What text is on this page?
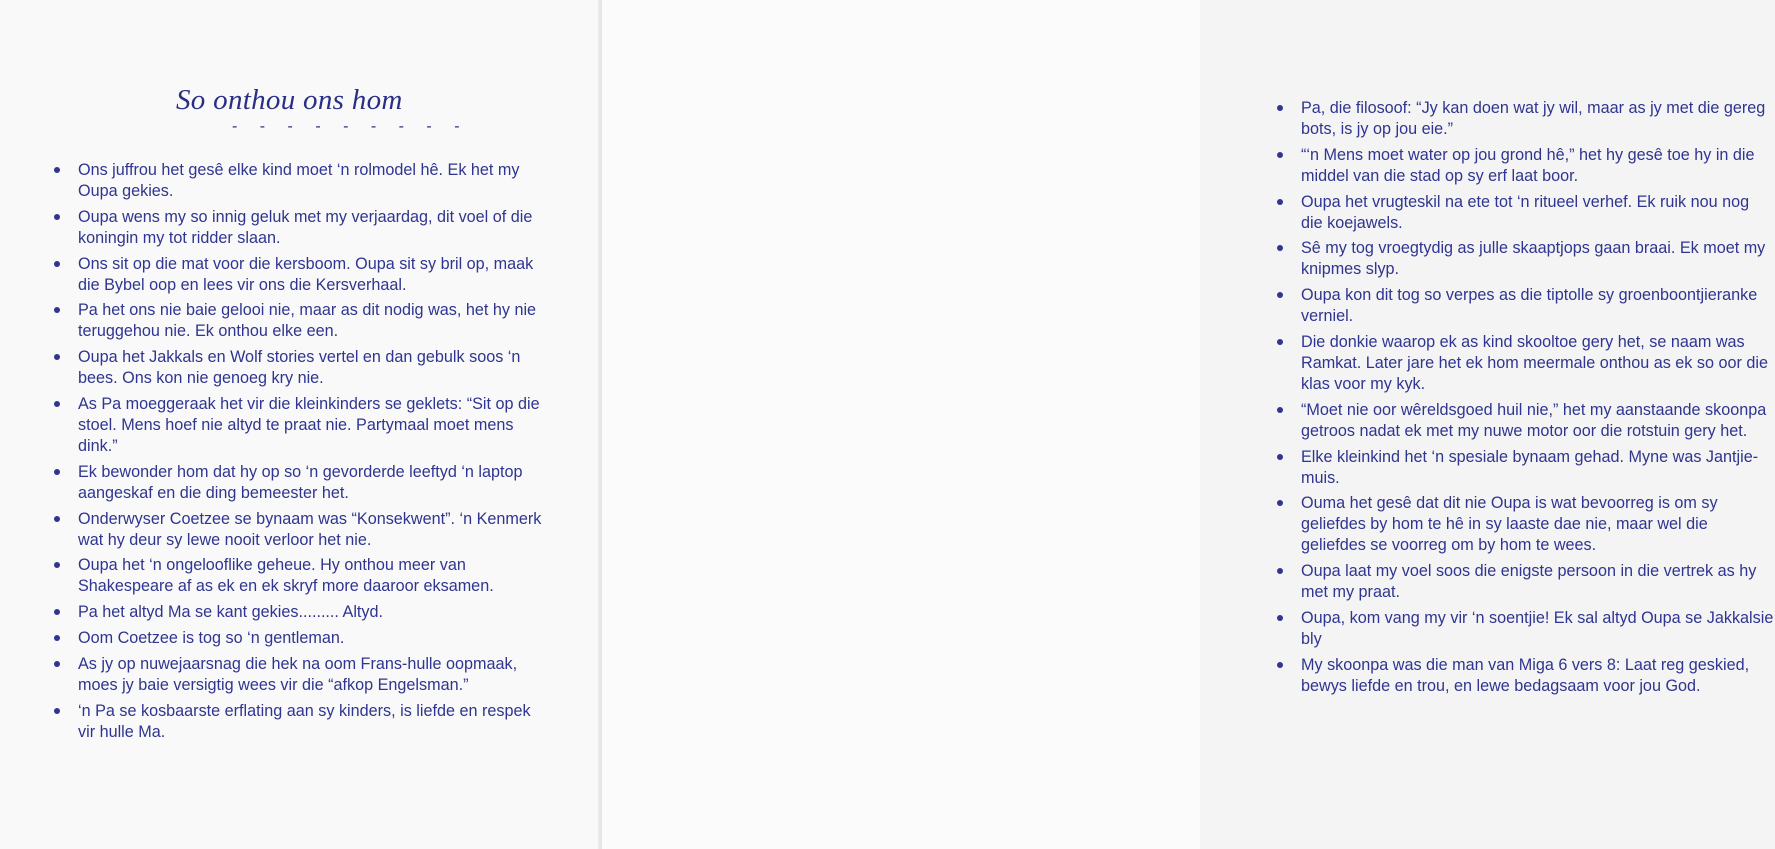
So onthou ons hom
- - - - - - - - -
Ons juffrou het gesê elke kind moet ‘n rolmodel hê. Ek het my Oupa gekies.
Oupa wens my so innig geluk met my verjaardag, dit voel of die koningin my tot ridder slaan.
Ons sit op die mat voor die kersboom. Oupa sit sy bril op, maak die Bybel oop en lees vir ons die Kersverhaal.
Pa het ons nie baie gelooi nie, maar as dit nodig was, het hy nie teruggehou nie. Ek onthou elke een.
Oupa het Jakkals en Wolf stories vertel en dan gebulk soos ‘n bees. Ons kon nie genoeg kry nie.
As Pa moeggeraak het vir die kleinkinders se geklets: “Sit op die stoel. Mens hoef nie altyd te praat nie. Partymaal moet mens dink.”
Ek bewonder hom dat hy op so ‘n gevorderde leeftyd ‘n laptop aangeskaf en die ding bemeester het.
Onderwyser Coetzee se bynaam was “Konsekwent”. ‘n Kenmerk wat hy deur sy lewe nooit verloor het nie.
Oupa het ‘n ongelooflike geheue. Hy onthou meer van Shakespeare af as ek en ek skryf more daaroor eksamen.
Pa het altyd Ma se kant gekies......... Altyd.
Oom Coetzee is tog so ‘n gentleman.
As jy op nuwejaarsnag die hek na oom Frans-hulle oopmaak, moes jy baie versigtig wees vir die “afkop Engelsman.”
‘n Pa se kosbaarste erflating aan sy kinders, is liefde en respek vir hulle Ma.
Pa, die filosoof: “Jy kan doen wat jy wil, maar as jy met die gereg bots, is jy op jou eie.”
“‘n Mens moet water op jou grond hê,” het hy gesê toe hy in die middel van die stad op sy erf laat boor.
Oupa het vrugteskil na ete tot ‘n ritueel verhef. Ek ruik nou nog die koejawels.
Sê my tog vroegtydig as julle skaaptjops gaan braai. Ek moet my knipmes slyp.
Oupa kon dit tog so verpes as die tiptolle sy groenboontjieranke verniel.
Die donkie waarop ek as kind skooltoe gery het, se naam was Ramkat. Later jare het ek hom meermale onthou as ek so oor die klas voor my kyk.
“Moet nie oor wêreldsgoed huil nie,” het my aanstaande skoonpa getroos nadat ek met my nuwe motor oor die rotstuin gery het.
Elke kleinkind het ‘n spesiale bynaam gehad. Myne was Jantjie-muis.
Ouma het gesê dat dit nie Oupa is wat bevoorreg is om sy geliefdes by hom te hê in sy laaste dae nie, maar wel die geliefdes se voorreg om by hom te wees.
Oupa laat my voel soos die enigste persoon in die vertrek as hy met my praat.
Oupa, kom vang my vir ‘n soentjie! Ek sal altyd Oupa se Jakkalsie bly
My skoonpa was die man van Miga 6 vers 8: Laat reg geskied, bewys liefde en trou, en lewe bedagsaam voor jou God.
